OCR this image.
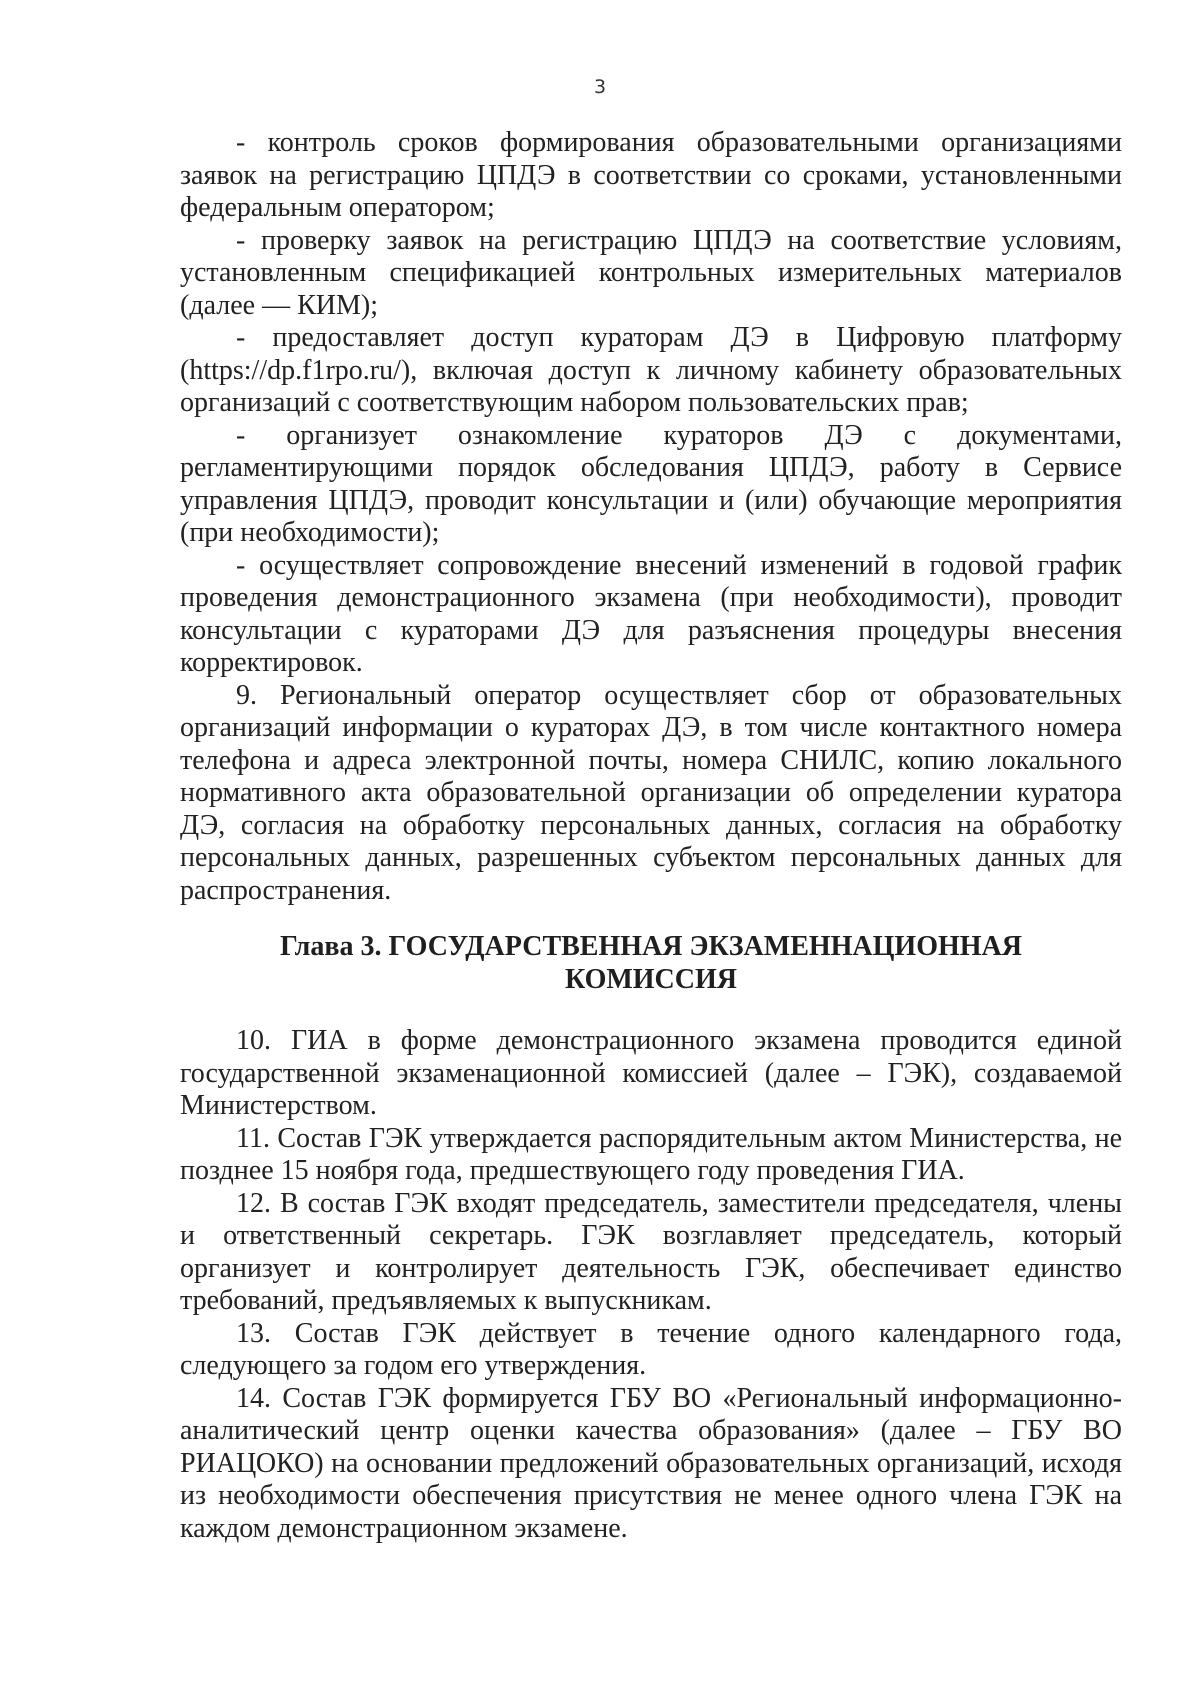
3

- контроль сроков формирования образовательными организациями заявок на регистрацию ЦПДЭ в соответствии со сроками, установленными федеральным оператором;

- проверку заявок на регистрацию ЦПДЭ на соответствие условиям, установленным спецификацией контрольных измерительных материалов (далее — КИМ);

- предоставляет доступ кураторам ДЭ в Цифровую платформу (https://dp.f1rpo.ru/), включая доступ к личному кабинету образовательных организаций с соответствующим набором пользовательских прав;

- организует ознакомление кураторов ДЭ с документами, регламентирующими порядок обследования ЦПДЭ, работу в Сервисе управления ЦПДЭ, проводит консультации и (или) обучающие мероприятия (при необходимости);

- осуществляет сопровождение внесений изменений в годовой график проведения демонстрационного экзамена (при необходимости), проводит консультации с кураторами ДЭ для разъяснения процедуры внесения корректировок.

9. Региональный оператор осуществляет сбор от образовательных организаций информации о кураторах ДЭ, в том числе контактного номера телефона и адреса электронной почты, номера СНИЛС, копию локального нормативного акта образовательной организации об определении куратора ДЭ, согласия на обработку персональных данных, согласия на обработку персональных данных, разрешенных субъектом персональных данных для распространения.

Глава 3. ГОСУДАРСТВЕННАЯ ЭКЗАМЕННАЦИОННАЯ
КОМИССИЯ

10. ГИА в форме демонстрационного экзамена проводится единой государственной экзаменационной комиссией (далее – ГЭК), создаваемой Министерством.

11. Состав ГЭК утверждается распорядительным актом Министерства, не позднее 15 ноября года, предшествующего году проведения ГИА.

12. В состав ГЭК входят председатель, заместители председателя, члены и ответственный секретарь. ГЭК возглавляет председатель, который организует и контролирует деятельность ГЭК, обеспечивает единство требований, предъявляемых к выпускникам.

13. Состав ГЭК действует в течение одного календарного года, следующего за годом его утверждения.

14. Состав ГЭК формируется ГБУ ВО «Региональный информационно-аналитический центр оценки качества образования» (далее – ГБУ ВО РИАЦОКО) на основании предложений образовательных организаций, исходя из необходимости обеспечения присутствия не менее одного члена ГЭК на каждом демонстрационном экзамене.
